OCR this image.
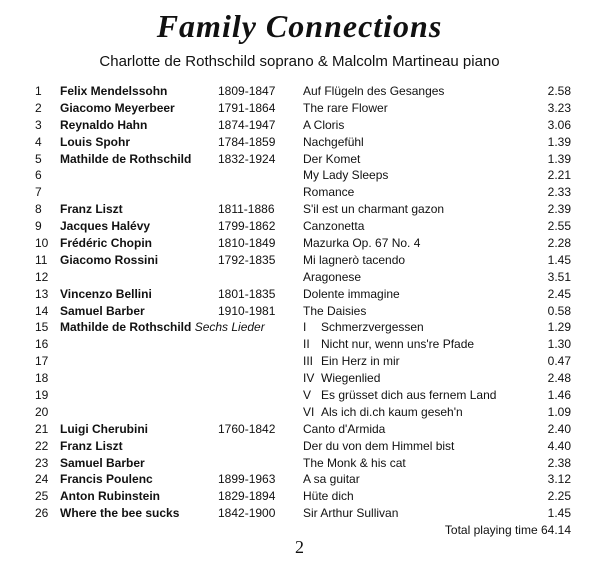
Family Connections
Charlotte de Rothschild soprano & Malcolm Martineau piano
1 Felix Mendelssohn	1809-1847 Auf Flügeln des Gesanges	2.58
2 Giacomo Meyerbeer	1791-1864 The rare Flower	3.23
3 Reynaldo Hahn	1874-1947 A Cloris	3.06
4 Louis Spohr	1784-1859 Nachgefühl	1.39
5 Mathilde de Rothschild 1832-1924 Der Komet	1.39
6	My Lady Sleeps	2.21
7	Romance	2.33
8 Franz Liszt	1811-1886 S'il est un charmant gazon	2.39
9 Jacques Halévy	1799-1862 Canzonetta	2.55
10 Frédéric Chopin	1810-1849 Mazurka Op. 67 No. 4	2.28
11 Giacomo Rossini	1792-1835 Mi lagnerò tacendo	1.45
12	Aragonese	3.51
13 Vincenzo Bellini	1801-1835 Dolente immagine	2.45
14 Samuel Barber	1910-1981 The Daisies	0.58
15 Mathilde de Rothschild Sechs Lieder	I	Schmerzvergessen	1.29
16	II Nicht nur, wenn uns're Pfade	1.30
17	III Ein Herz in mir	0.47
18	IV Wiegenlied	2.48
19	V Es grüsset dich aus fernem Land	1.46
20	VI Als ich di.ch kaum geseh'n	1.09
21 Luigi Cherubini	1760-1842 Canto d'Armida	2.40
22 Franz Liszt	Der du von dem Himmel bist	4.40
23 Samuel Barber	The Monk & his cat	2.38
24 Francis Poulenc	1899-1963 A sa guitar	3.12
25 Anton Rubinstein	1829-1894 Hüte dich	2.25
26 Where the bee sucks	1842-1900 Sir Arthur Sullivan	1.45
Total playing time 64.14
2
